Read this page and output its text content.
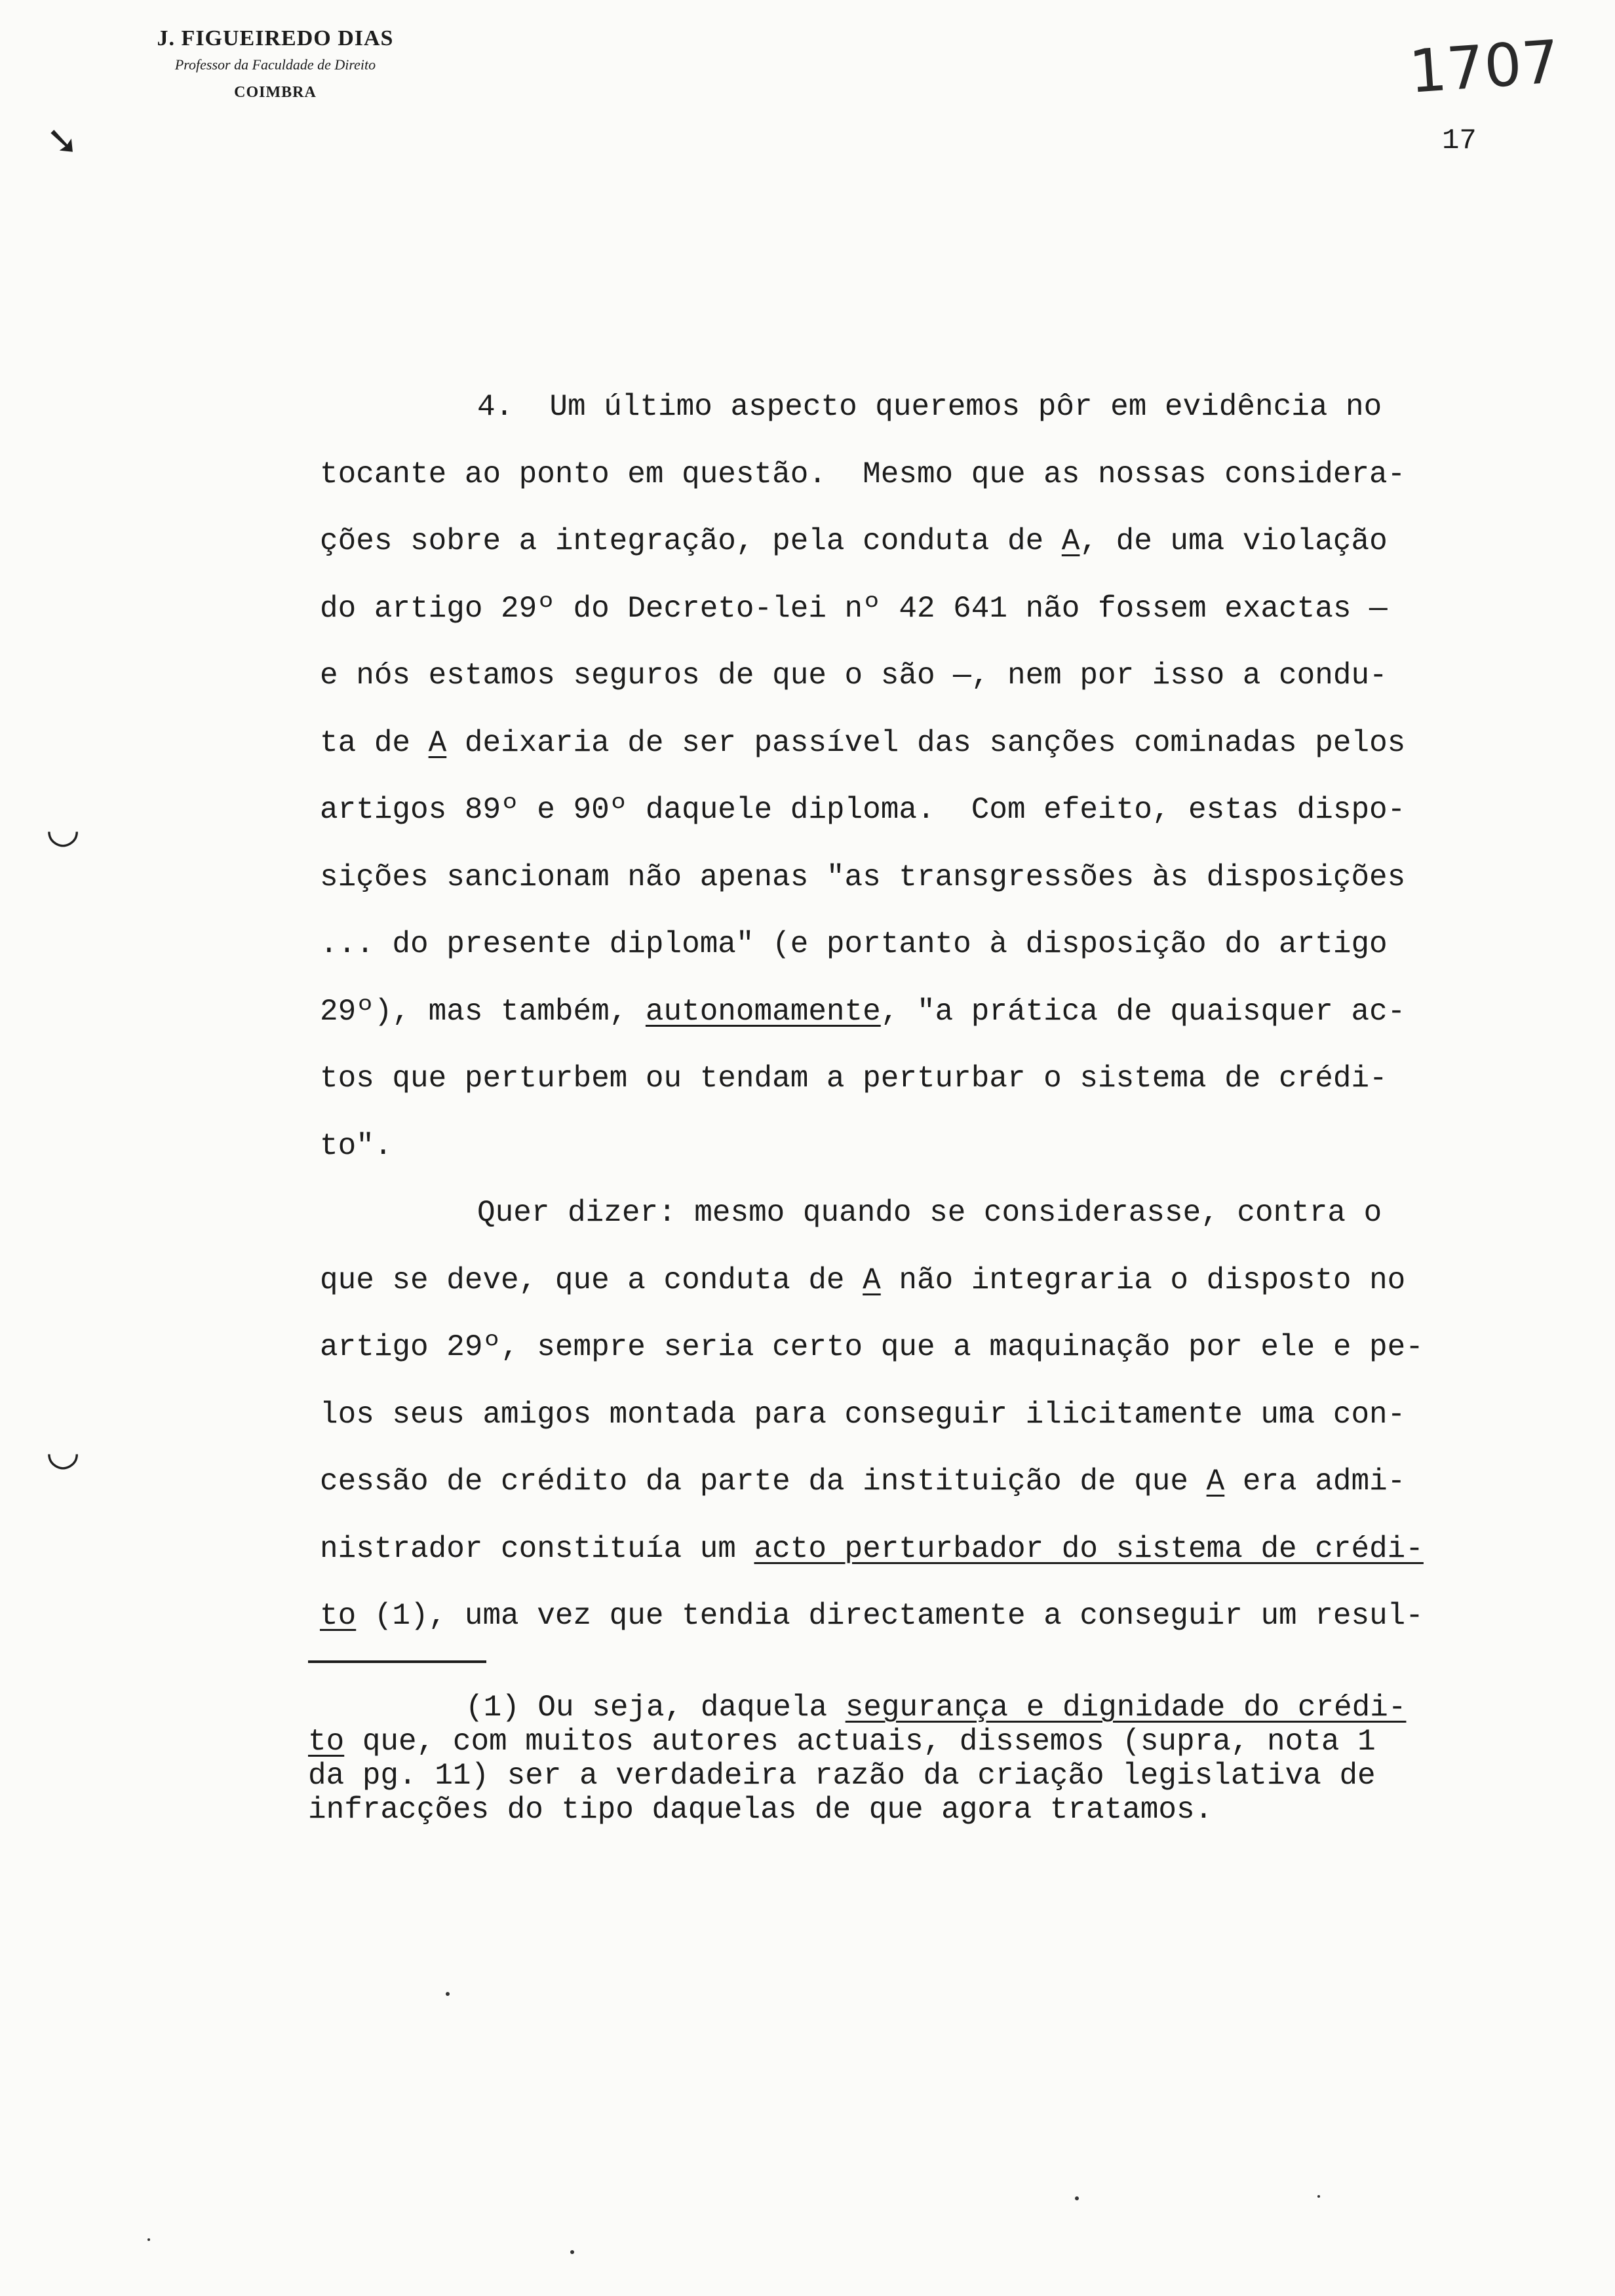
J. FIGUEIREDO DIAS
Professor da Faculdade de Direito
COIMBRA	1707
17
➘
◡
◡
4.  Um último aspecto queremos pôr em evidência no
tocante ao ponto em questão.  Mesmo que as nossas considera-
ções sobre a integração, pela conduta de A, de uma violação
do artigo 29º do Decreto-lei nº 42 641 não fossem exactas —
e nós estamos seguros de que o são —, nem por isso a condu-
ta de A deixaria de ser passível das sanções cominadas pelos
artigos 89º e 90º daquele diploma.  Com efeito, estas dispo-
sições sancionam não apenas "as transgressões às disposições
... do presente diploma" (e portanto à disposição do artigo
29º), mas também, autonomamente, "a prática de quaisquer ac-
tos que perturbem ou tendam a perturbar o sistema de crédi-
to".
Quer dizer: mesmo quando se considerasse, contra o
que se deve, que a conduta de A não integraria o disposto no
artigo 29º, sempre seria certo que a maquinação por ele e pe-
los seus amigos montada para conseguir ilicitamente uma con-
cessão de crédito da parte da instituição de que A era admi-
nistrador constituía um acto perturbador do sistema de crédi-
to (1), uma vez que tendia directamente a conseguir um resul-
(1) Ou seja, daquela segurança e dignidade do crédi-
to que, com muitos autores actuais, dissemos (supra, nota 1
da pg. 11) ser a verdadeira razão da criação legislativa de
infracções do tipo daquelas de que agora tratamos.
